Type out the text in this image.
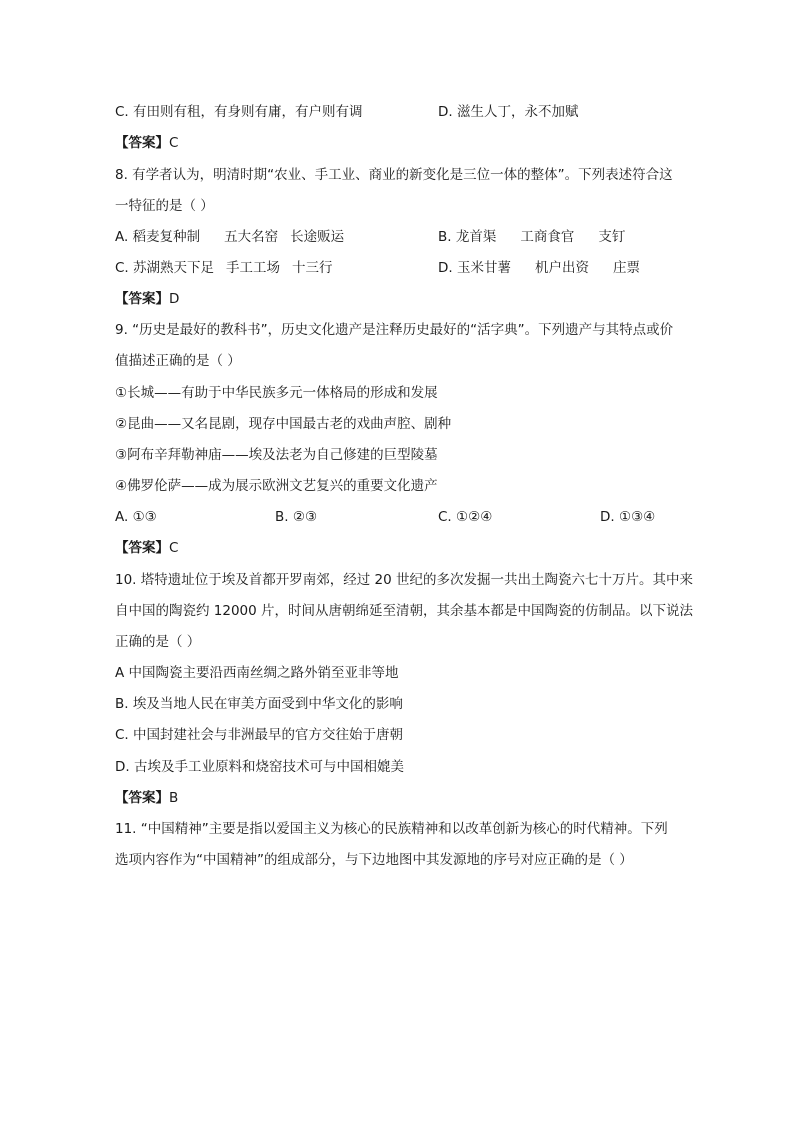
C. 有田则有租，有身则有庸，有户则有调	D. 滋生人丁，永不加赋
【答案】C
8. 有学者认为，明清时期“农业、手工业、商业的新变化是三位一体的整体”。下列表述符合这
一特征的是（ ）
A. 稻麦复种制 五大名窑 长途贩运	B. 龙首渠 工商食官 支钉
C. 苏湖熟天下足 手工工场 十三行	D. 玉米甘薯 机户出资 庄票
【答案】D
9. “历史是最好的教科书”，历史文化遗产是注释历史最好的“活字典”。下列遗产与其特点或价
值描述正确的是（ ）
①长城——有助于中华民族多元一体格局的形成和发展
②昆曲——又名昆剧，现存中国最古老的戏曲声腔、剧种
③阿布辛拜勒神庙——埃及法老为自己修建的巨型陵墓
④佛罗伦萨——成为展示欧洲文艺复兴的重要文化遗产
A. ①③	B. ②③	C. ①②④	D. ①③④
【答案】C
10. 塔特遗址位于埃及首都开罗南郊，经过 20 世纪的多次发掘一共出土陶瓷六七十万片。其中来
自中国的陶瓷约 12000 片，时间从唐朝绵延至清朝，其余基本都是中国陶瓷的仿制品。以下说法
正确的是（ ）
A 中国陶瓷主要沿西南丝绸之路外销至亚非等地
B. 埃及当地人民在审美方面受到中华文化的影响
C. 中国封建社会与非洲最早的官方交往始于唐朝
D. 古埃及手工业原料和烧窑技术可与中国相媲美
【答案】B
11. “中国精神”主要是指以爱国主义为核心的民族精神和以改革创新为核心的时代精神。下列
选项内容作为“中国精神”的组成部分，与下边地图中其发源地的序号对应正确的是（ ）
